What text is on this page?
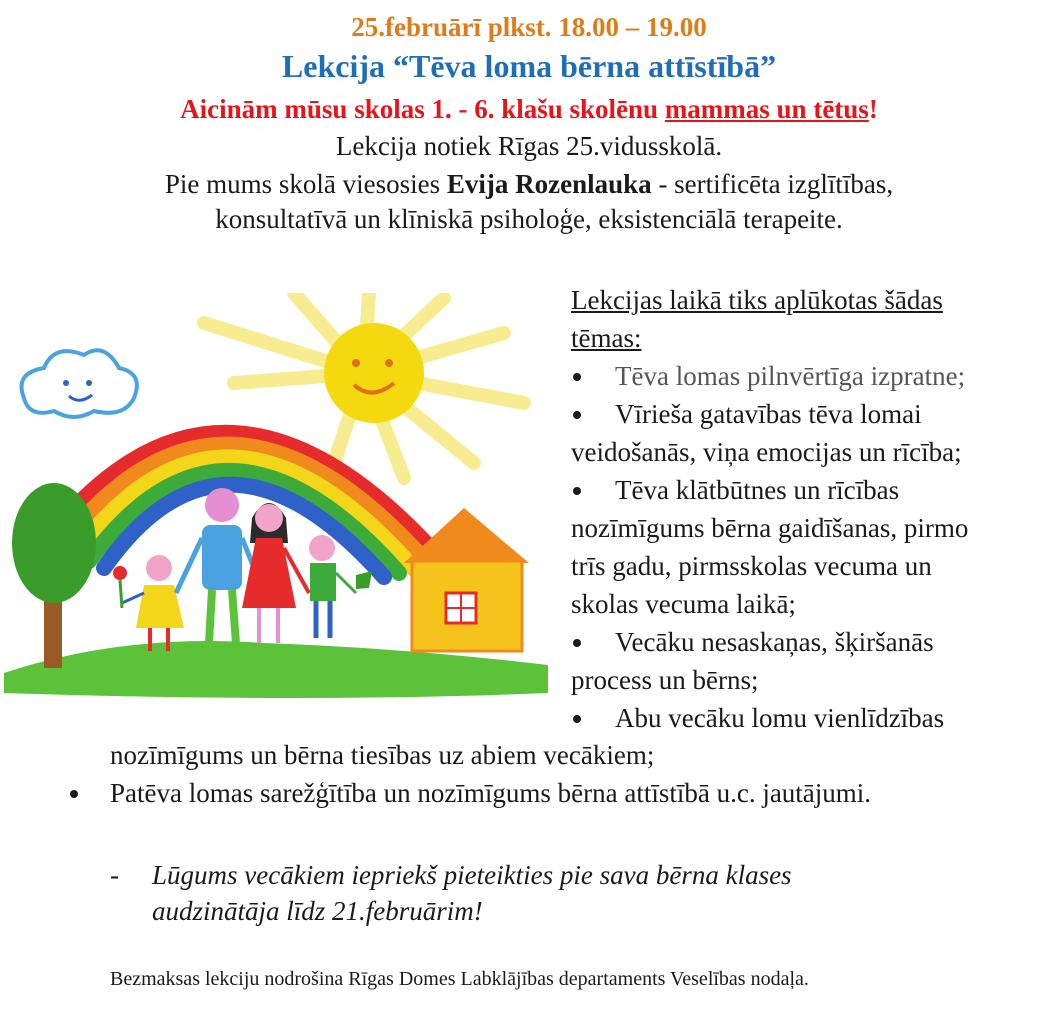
25.februārī plkst. 18.00 – 19.00
Lekcija “Tēva loma bērna attīstībā”
Aicinām mūsu skolas 1. - 6. klašu skolēnu mammas un tētus!
Lekcija notiek Rīgas 25.vidusskolā.
Pie mums skolā viesosies Evija Rozenlauka - sertificēta izglītības,
konsultatīvā un klīniskā psiholoģe, eksistenciālā terapeite.

Lekcijas laikā tiks aplūkotas šādas
tēmas:

Tēva lomas pilnvērtīga izpratne;

Vīrieša gatavības tēva lomai
veidošanās, viņa emocijas un rīcība;

Tēva klātbūtnes un rīcības
nozīmīgums bērna gaidīšanas, pirmo
trīs gadu, pirmsskolas vecuma un
skolas vecuma laikā;

Vecāku nesaskaņas, šķiršanās
process un bērns;

Abu vecāku lomu vienlīdzības

nozīmīgums un bērna tiesības uz abiem vecākiem;
Patēva lomas sarežģītība un nozīmīgums bērna attīstībā u.c. jautājumi.
- Lūgums vecākiem iepriekš pieteikties pie sava bērna klases
audzinātāja līdz 21.februārim!
Bezmaksas lekciju nodrošina Rīgas Domes Labklājības departaments Veselības nodaļa.
